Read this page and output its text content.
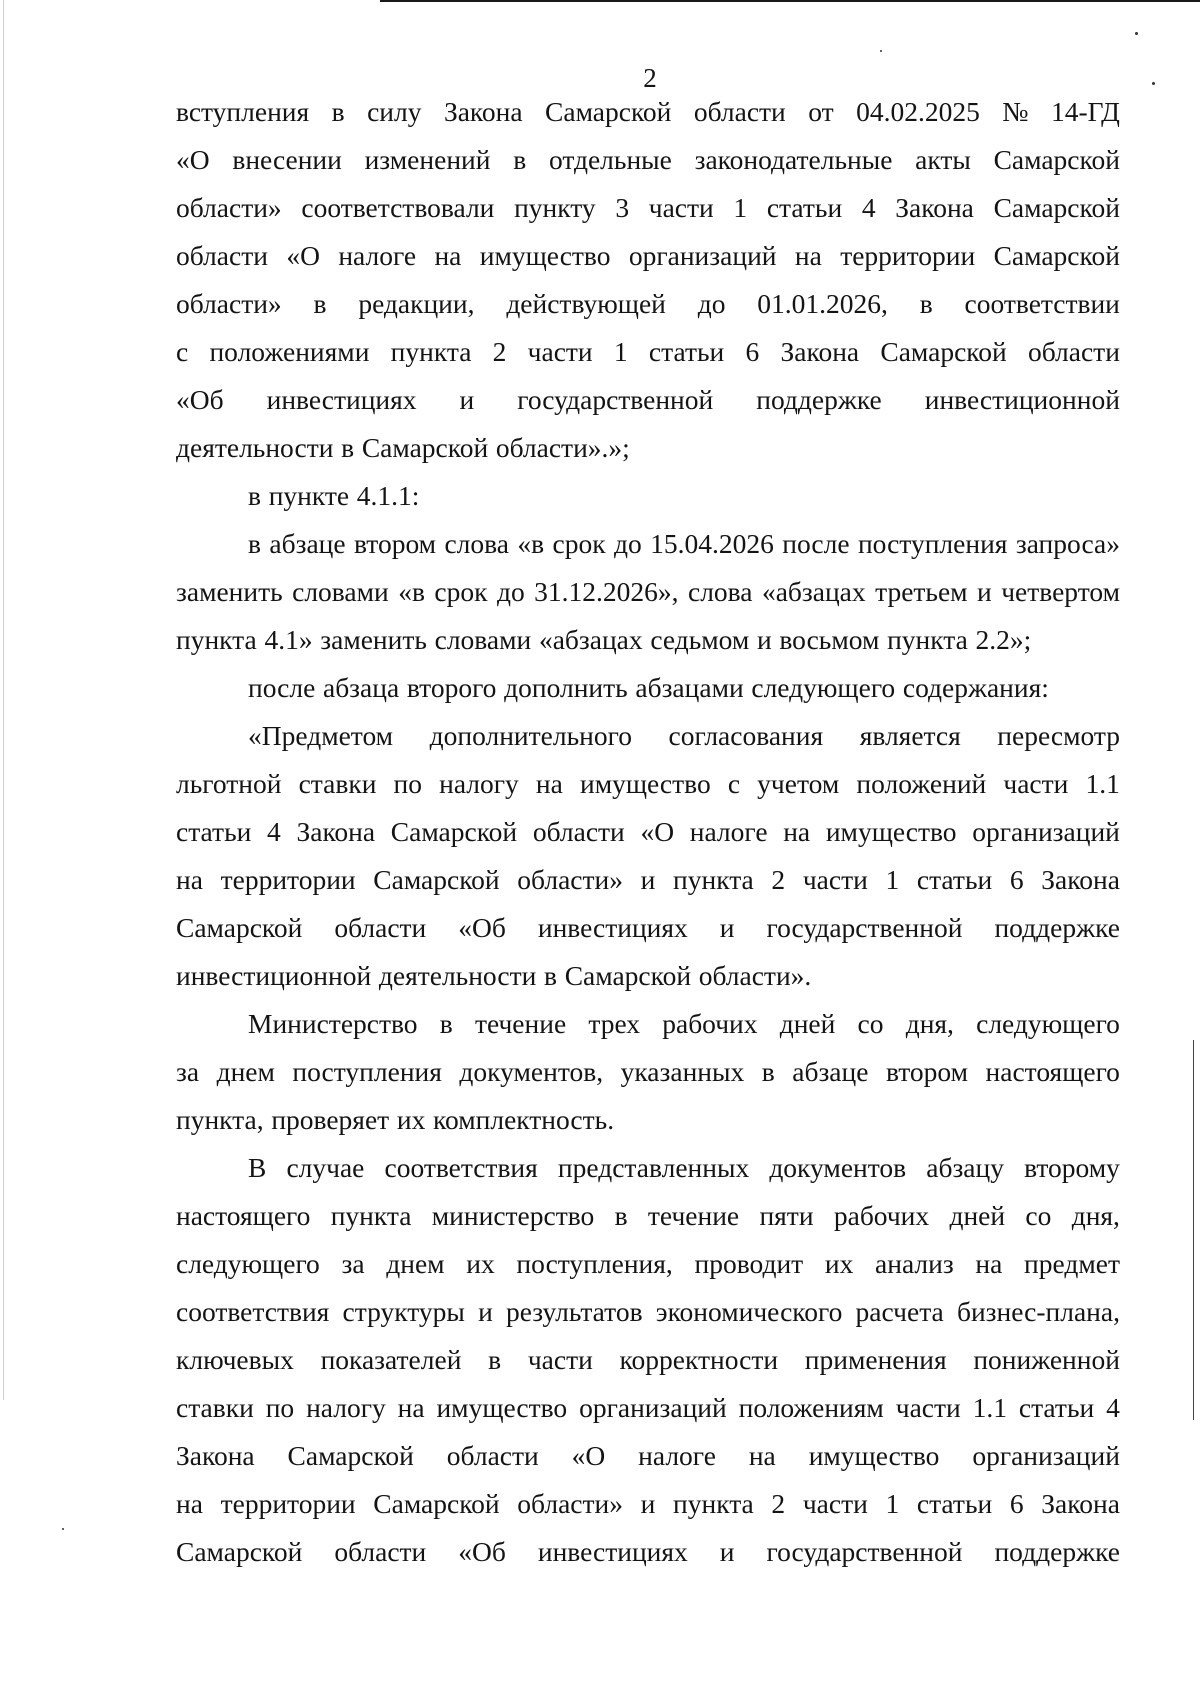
2
вступления в силу Закона Самарской области от 04.02.2025 № 14-ГД
«О внесении изменений в отдельные законодательные акты Самарской
области» соответствовали пункту 3 части 1 статьи 4 Закона Самарской
области «О налоге на имущество организаций на территории Самарской
области» в редакции, действующей до 01.01.2026, в соответствии
с положениями пункта 2 части 1 статьи 6 Закона Самарской области
«Об инвестициях и государственной поддержке инвестиционной
деятельности в Самарской области».»;
в пункте 4.1.1:
в абзаце втором слова «в срок до 15.04.2026 после поступления запроса»
заменить словами «в срок до 31.12.2026», слова «абзацах третьем и четвертом
пункта 4.1» заменить словами «абзацах седьмом и восьмом пункта 2.2»;
после абзаца второго дополнить абзацами следующего содержания:
«Предметом дополнительного согласования является пересмотр
льготной ставки по налогу на имущество с учетом положений части 1.1
статьи 4 Закона Самарской области «О налоге на имущество организаций
на территории Самарской области» и пункта 2 части 1 статьи 6 Закона
Самарской области «Об инвестициях и государственной поддержке
инвестиционной деятельности в Самарской области».
Министерство в течение трех рабочих дней со дня, следующего
за днем поступления документов, указанных в абзаце втором настоящего
пункта, проверяет их комплектность.
В случае соответствия представленных документов абзацу второму
настоящего пункта министерство в течение пяти рабочих дней со дня,
следующего за днем их поступления, проводит их анализ на предмет
соответствия структуры и результатов экономического расчета бизнес-плана,
ключевых показателей в части корректности применения пониженной
ставки по налогу на имущество организаций положениям части 1.1 статьи 4
Закона Самарской области «О налоге на имущество организаций
на территории Самарской области» и пункта 2 части 1 статьи 6 Закона
Самарской области «Об инвестициях и государственной поддержке
